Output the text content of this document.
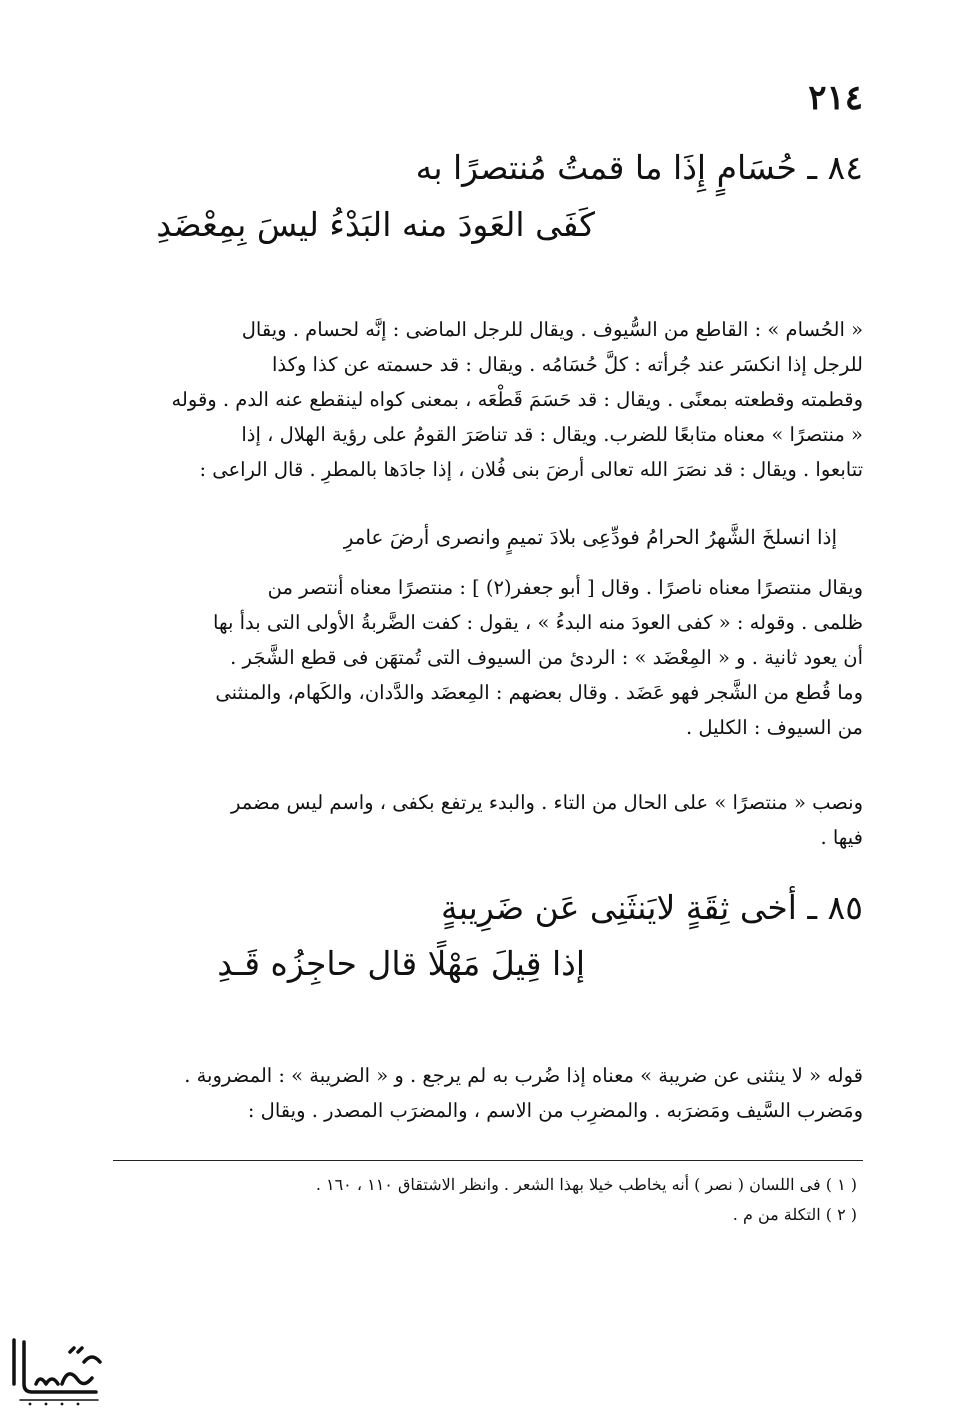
٢١٤
٨٤ ـ حُسَامٍ إِذَا ما قمتُ مُنتصرًا به
كَفَى العَودَ منه البَدْءُ ليسَ بِمِعْضَدِ
« الحُسام » : القاطع من السُّيوف . ويقال للرجل الماضى : إنَّه لحسام . ويقال
للرجل إذا انكسَر عند جُرأته : كلَّ حُسَامُه . ويقال : قد حسمته عن كذا وكذا
وقطمته وقطعته بمعنًى . ويقال : قد حَسَمَ قَطْعَه ، بمعنى كواه لينقطع عنه الدم . وقوله
« منتصرًا » معناه متابعًا للضرب. ويقال : قد تناصَرَ القومُ على رؤية الهلال ، إذا
تتابعوا . ويقال : قد نصَرَ الله تعالى أرضَ بنى فُلان ، إذا جادَها بالمطرِ . قال الراعى :
إذا انسلخَ الشَّهرُ الحرامُ فودِّعِى بلادَ تميمٍ وانصرى أرضَ عامرِ
ويقال منتصرًا معناه ناصرًا . وقال [ أبو جعفر(٢) ] : منتصرًا معناه أنتصر من
ظلمى . وقوله : « كفى العودَ منه البدءُ » ، يقول : كفت الضَّربةُ الأولى التى بدأ بها
أن يعود ثانية . و « المِعْضَد » : الردئ من السيوف التى تُمتهَن فى قطع الشَّجَر .
وما قُطع من الشَّجر فهو عَضَد . وقال بعضهم : المِعضَد والدَّدان، والكَهام، والمنثنى
من السيوف : الكليل .
ونصب « منتصرًا » على الحال من التاء . والبدء يرتفع بكفى ، واسم ليس مضمر
فيها .
٨٥ ـ أخى ثِقَةٍ لايَنثَنِى عَن ضَرِيبةٍ
إذا قِيلَ مَهْلًا قال حاجِزُه قَـدِ
قوله « لا ينثنى عن ضريبة » معناه إذا ضُرب به لم يرجع . و « الضريبة » : المضروبة .
ومَضرب السَّيف ومَضرَبه . والمضرِب من الاسم ، والمضرَب المصدر . ويقال :
( ١ ) فى اللسان ( نصر ) أنه يخاطب خيلا بهذا الشعر . وانظر الاشتقاق ١١٠ ، ١٦٠ .
( ٢ ) التكلة من م .
